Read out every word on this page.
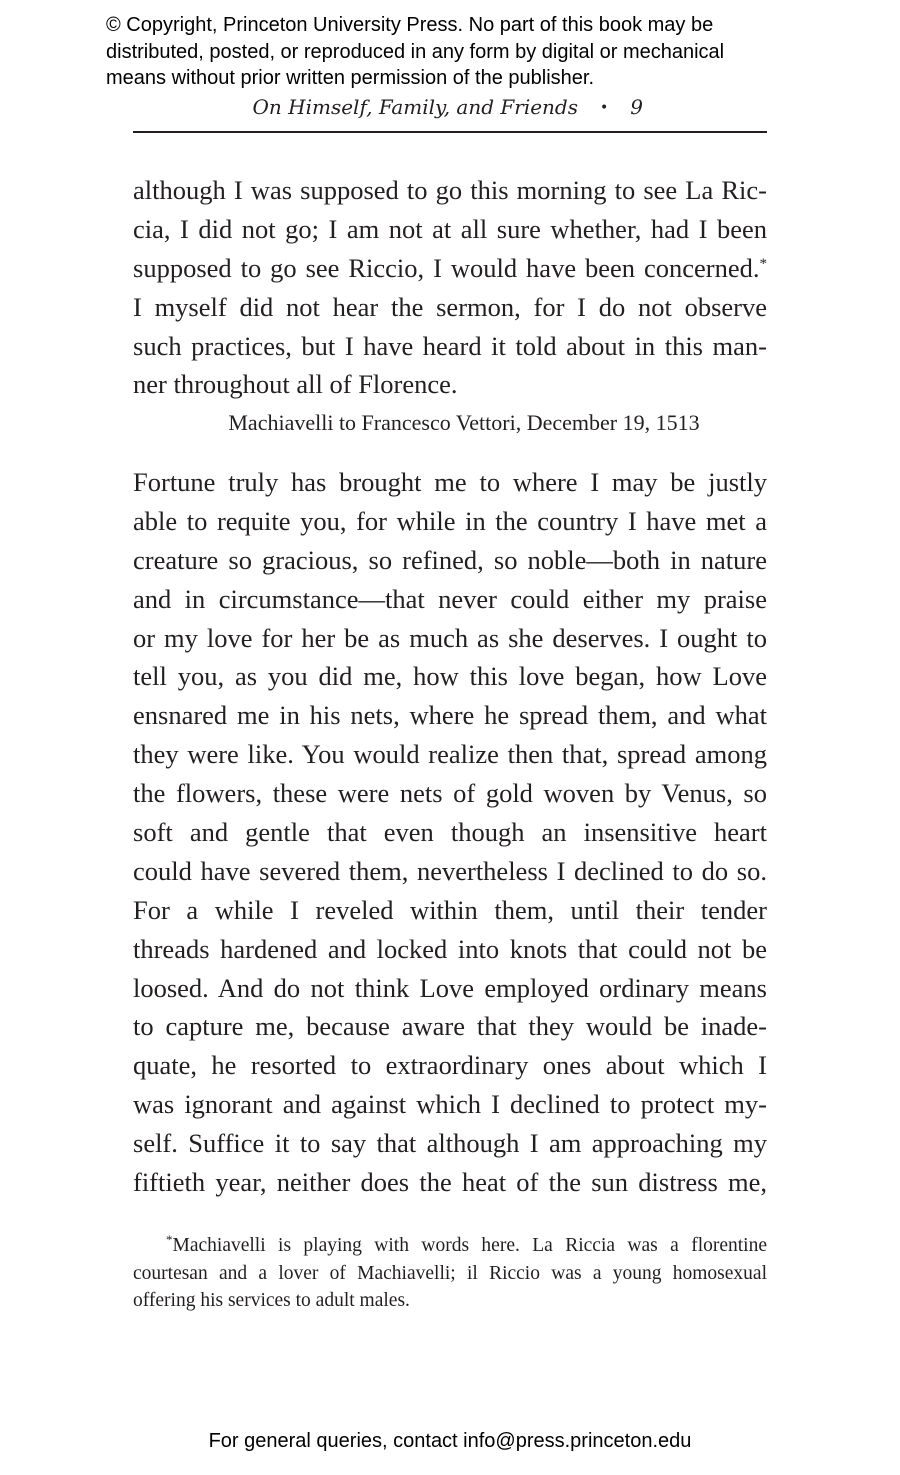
© Copyright, Princeton University Press. No part of this book may be
distributed, posted, or reproduced in any form by digital or mechanical
means without prior written permission of the publisher.
On Himself, Family, and Friends • 9
although I was supposed to go this morning to see La Ric-
cia, I did not go; I am not at all sure whether, had I been
supposed to go see Riccio, I would have been concerned.*
I myself did not hear the sermon, for I do not observe
such practices, but I have heard it told about in this man-
ner throughout all of Florence.
Machiavelli to Francesco Vettori, December 19, 1513
Fortune truly has brought me to where I may be justly
able to requite you, for while in the country I have met a
creature so gracious, so refined, so noble—both in nature
and in circumstance—that never could either my praise
or my love for her be as much as she deserves. I ought to
tell you, as you did me, how this love began, how Love
ensnared me in his nets, where he spread them, and what
they were like. You would realize then that, spread among
the flowers, these were nets of gold woven by Venus, so
soft and gentle that even though an insensitive heart
could have severed them, nevertheless I declined to do so.
For a while I reveled within them, until their tender
threads hardened and locked into knots that could not be
loosed. And do not think Love employed ordinary means
to capture me, because aware that they would be inade-
quate, he resorted to extraordinary ones about which I
was ignorant and against which I declined to protect my-
self. Suffice it to say that although I am approaching my
fiftieth year, neither does the heat of the sun distress me,
*Machiavelli is playing with words here. La Riccia was a florentine
courtesan and a lover of Machiavelli; il Riccio was a young homosexual
offering his services to adult males.
For general queries, contact info@press.princeton.edu
